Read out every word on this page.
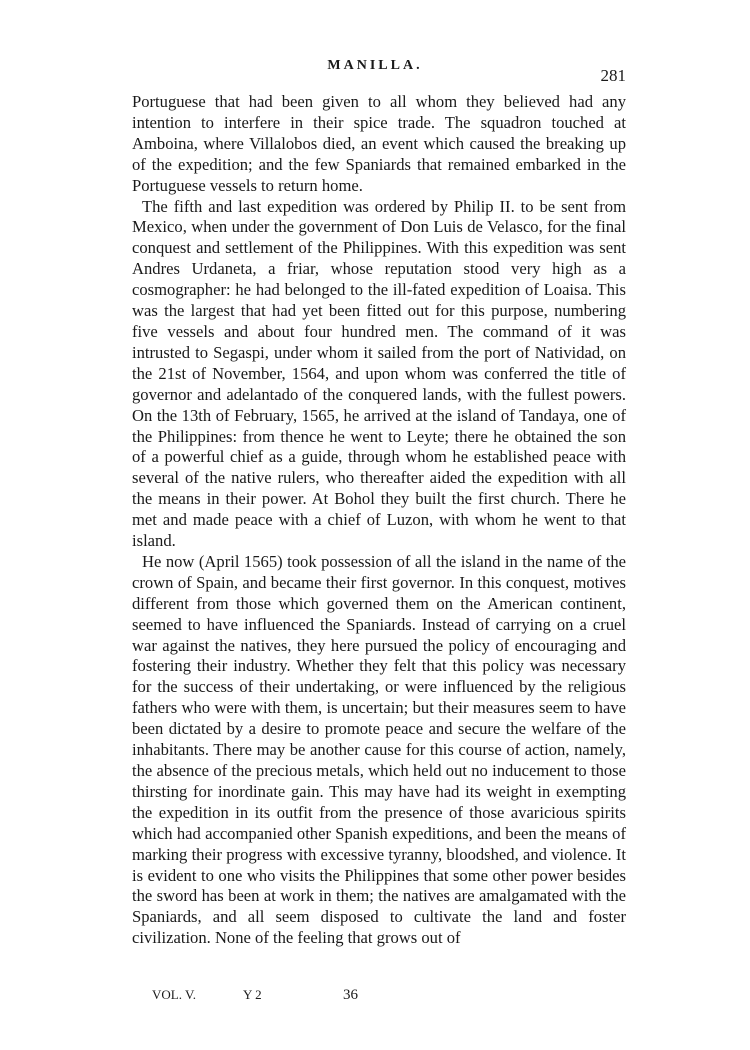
MANILLA.
281

Portuguese that had been given to all whom they believed had any intention to interfere in their spice trade. The squadron touched at Amboina, where Villalobos died, an event which caused the breaking up of the expedition; and the few Spaniards that remained embarked in the Portuguese vessels to return home.

The fifth and last expedition was ordered by Philip II. to be sent from Mexico, when under the government of Don Luis de Velasco, for the final conquest and settlement of the Philippines. With this expedition was sent Andres Urdaneta, a friar, whose reputation stood very high as a cosmographer: he had belonged to the ill-fated expedition of Loaisa. This was the largest that had yet been fitted out for this purpose, numbering five vessels and about four hundred men. The command of it was intrusted to Segaspi, under whom it sailed from the port of Natividad, on the 21st of November, 1564, and upon whom was conferred the title of governor and adelantado of the conquered lands, with the fullest powers. On the 13th of February, 1565, he arrived at the island of Tandaya, one of the Philippines: from thence he went to Leyte; there he obtained the son of a powerful chief as a guide, through whom he established peace with several of the native rulers, who thereafter aided the expedition with all the means in their power. At Bohol they built the first church. There he met and made peace with a chief of Luzon, with whom he went to that island.

He now (April 1565) took possession of all the island in the name of the crown of Spain, and became their first governor. In this conquest, motives different from those which governed them on the American continent, seemed to have influenced the Spaniards. Instead of carrying on a cruel war against the natives, they here pursued the policy of encouraging and fostering their industry. Whether they felt that this policy was necessary for the success of their undertaking, or were influenced by the religious fathers who were with them, is uncertain; but their measures seem to have been dictated by a desire to promote peace and secure the welfare of the inhabitants. There may be another cause for this course of action, namely, the absence of the precious metals, which held out no inducement to those thirsting for inordinate gain. This may have had its weight in exempting the expedition in its outfit from the presence of those avaricious spirits which had accompanied other Spanish expeditions, and been the means of marking their progress with excessive tyranny, bloodshed, and violence. It is evident to one who visits the Philippines that some other power besides the sword has been at work in them; the natives are amalgamated with the Spaniards, and all seem disposed to cultivate the land and foster civilization. None of the feeling that grows out of

VOL. V.	Y 2	36
